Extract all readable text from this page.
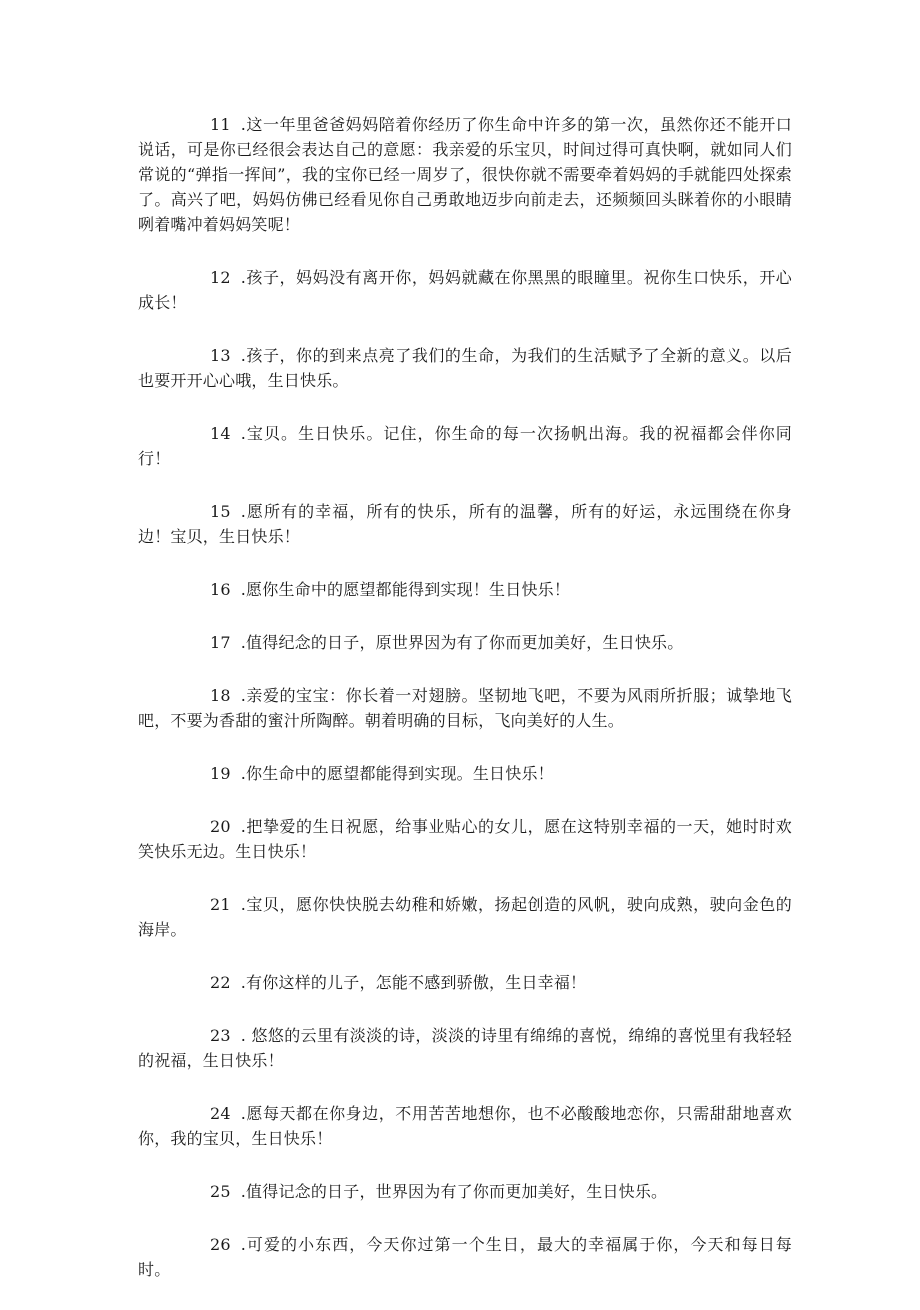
11 .这一年里爸爸妈妈陪着你经历了你生命中许多的第一次，虽然你还不能开口说话，可是你已经很会表达自己的意愿：我亲爱的乐宝贝，时间过得可真快啊，就如同人们常说的“弹指一挥间”，我的宝你已经一周岁了，很快你就不需要牵着妈妈的手就能四处探索了。高兴了吧，妈妈仿佛已经看见你自己勇敢地迈步向前走去，还频频回头眯着你的小眼睛咧着嘴冲着妈妈笑呢！

12 .孩子，妈妈没有离开你，妈妈就藏在你黑黑的眼瞳里。祝你生口快乐，开心成长！

13 .孩子，你的到来点亮了我们的生命，为我们的生活赋予了全新的意义。以后也要开开心心哦，生日快乐。

14 .宝贝。生日快乐。记住，你生命的每一次扬帆出海。我的祝福都会伴你同行！

15 .愿所有的幸福，所有的快乐，所有的温馨，所有的好运，永远围绕在你身边！宝贝，生日快乐！

16 .愿你生命中的愿望都能得到实现！生日快乐！

17 .值得纪念的日子，原世界因为有了你而更加美好，生日快乐。

18 .亲爱的宝宝：你长着一对翅膀。坚韧地飞吧，不要为风雨所折服；诚挚地飞吧，不要为香甜的蜜汁所陶醉。朝着明确的目标，飞向美好的人生。

19 .你生命中的愿望都能得到实现。生日快乐！

20 .把挚爱的生日祝愿，给事业贴心的女儿，愿在这特别幸福的一天，她时时欢笑快乐无边。生日快乐！

21 .宝贝，愿你快快脱去幼稚和娇嫩，扬起创造的风帆，驶向成熟，驶向金色的海岸。

22 .有你这样的儿子，怎能不感到骄傲，生日幸福！

23 . 悠悠的云里有淡淡的诗，淡淡的诗里有绵绵的喜悦，绵绵的喜悦里有我轻轻的祝福，生日快乐！

24 .愿每天都在你身边，不用苦苦地想你，也不必酸酸地恋你，只需甜甜地喜欢你，我的宝贝，生日快乐！

25 .值得记念的日子，世界因为有了你而更加美好，生日快乐。

26 .可爱的小东西，今天你过第一个生日，最大的幸福属于你，今天和每日每时。
